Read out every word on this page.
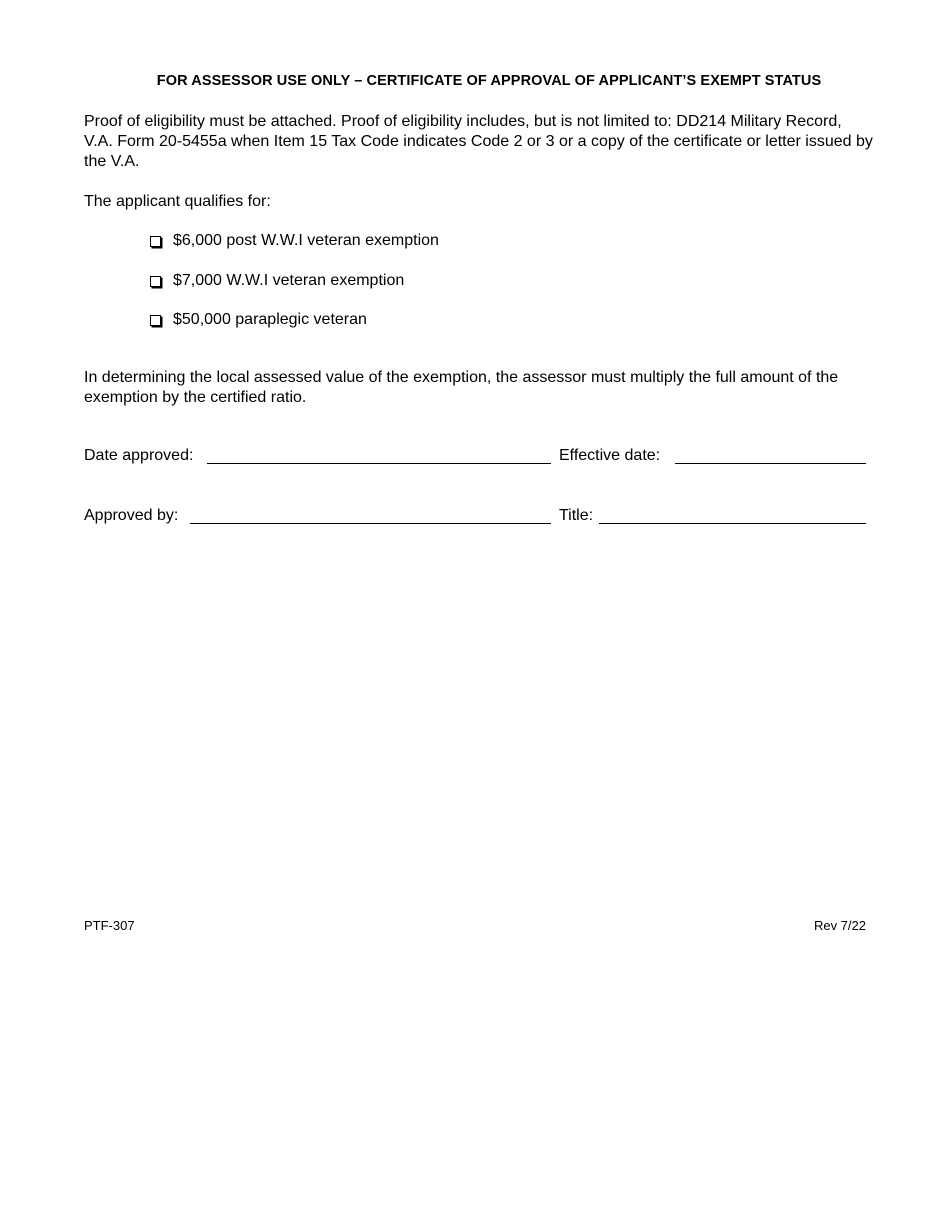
FOR ASSESSOR USE ONLY – CERTIFICATE OF APPROVAL OF APPLICANT’S EXEMPT STATUS
Proof of eligibility must be attached. Proof of eligibility includes, but is not limited to: DD214 Military Record, V.A. Form 20-5455a when Item 15 Tax Code indicates Code 2 or 3 or a copy of the certificate or letter issued by the V.A.
The applicant qualifies for:
$6,000 post W.W.I veteran exemption
$7,000 W.W.I veteran exemption
$50,000 paraplegic veteran
In determining the local assessed value of the exemption, the assessor must multiply the full amount of the exemption by the certified ratio.
Date approved:	Effective date:
Approved by:	Title:
PTF-307	Rev 7/22
